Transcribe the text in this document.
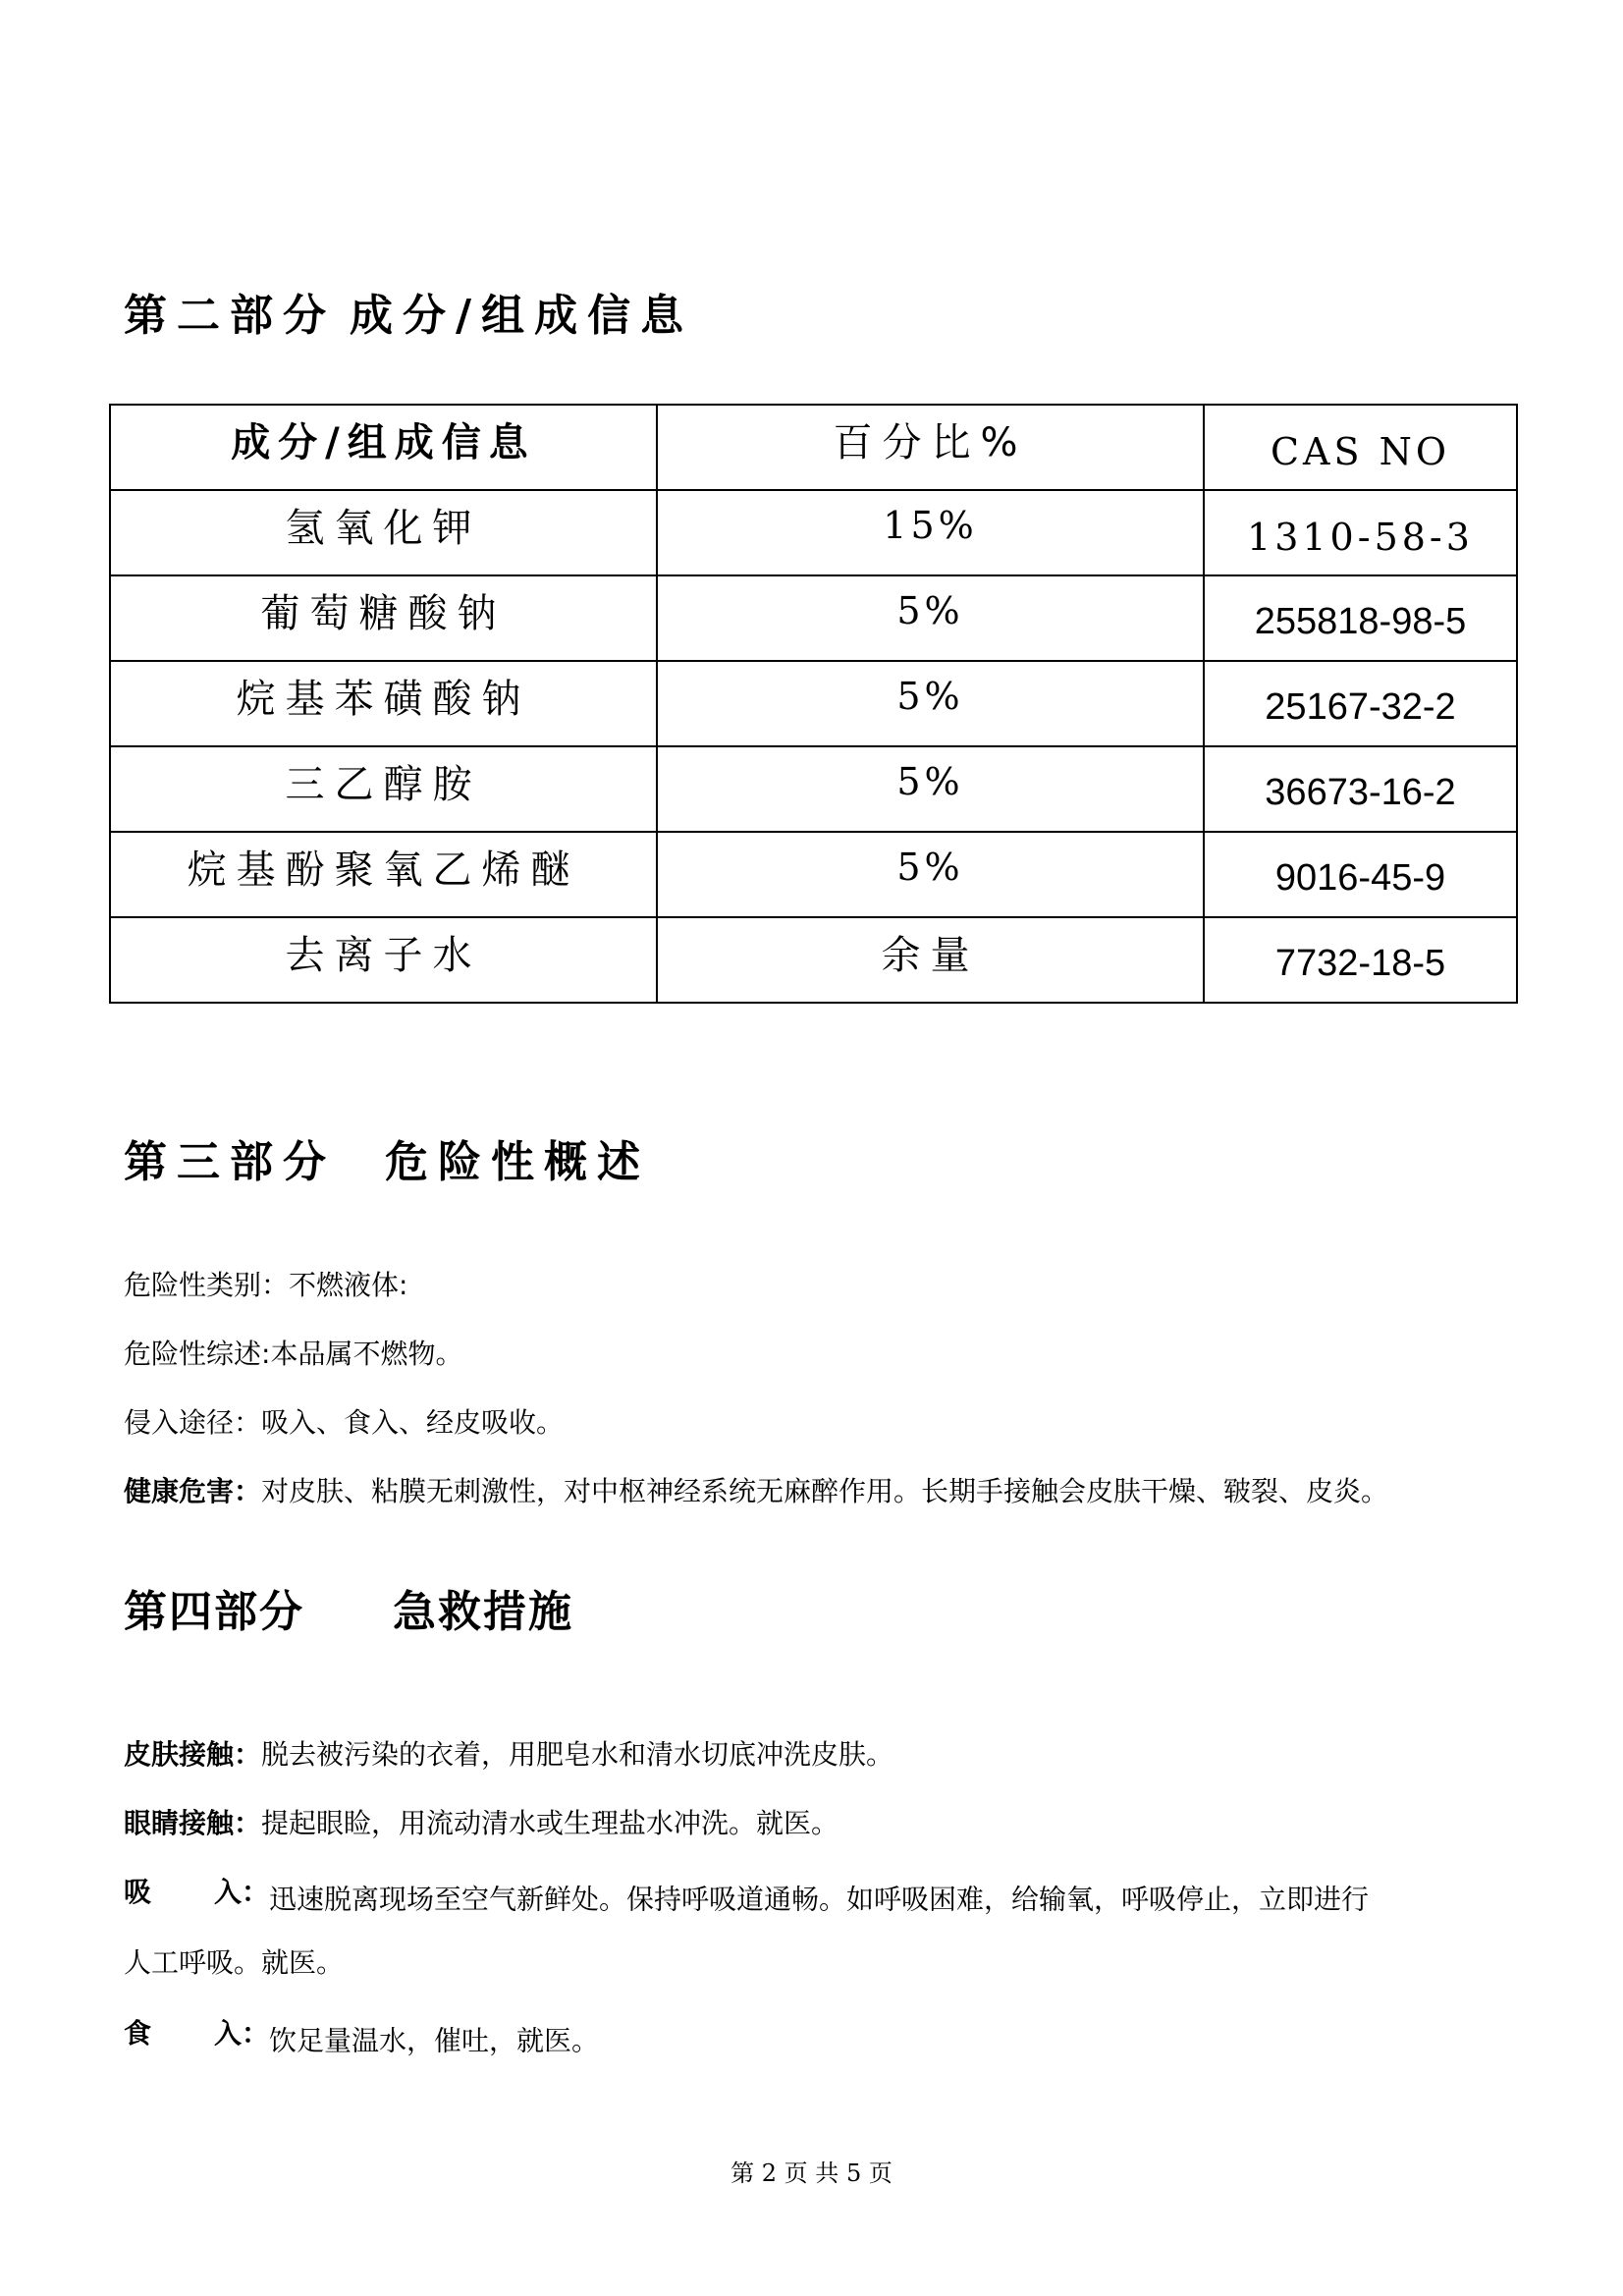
第二部分 成分/组成信息
成分/组成信息	百分比%	CAS NO
氢氧化钾	15%	1310-58-3
葡萄糖酸钠	5%	255818-98-5
烷基苯磺酸钠	5%	25167-32-2
三乙醇胺	5%	36673-16-2
烷基酚聚氧乙烯醚	5%	9016-45-9
去离子水	余量	7732-18-5
第三部分 危险性概述
危险性类别：不燃液体:
危险性综述:本品属不燃物。
侵入途径：吸入、食入、经皮吸收。
健康危害：对皮肤、粘膜无刺激性，对中枢神经系统无麻醉作用。长期手接触会皮肤干燥、皲裂、皮炎。
第四部分 急救措施
皮肤接触：脱去被污染的衣着，用肥皂水和清水切底冲洗皮肤。
眼睛接触：提起眼睑，用流动清水或生理盐水冲洗。就医。
吸 入： 迅速脱离现场至空气新鲜处。保持呼吸道通畅。如呼吸困难，给输氧，呼吸停止，立即进行
人工呼吸。就医。
食 入： 饮足量温水，催吐，就医。
第 2 页 共 5 页
